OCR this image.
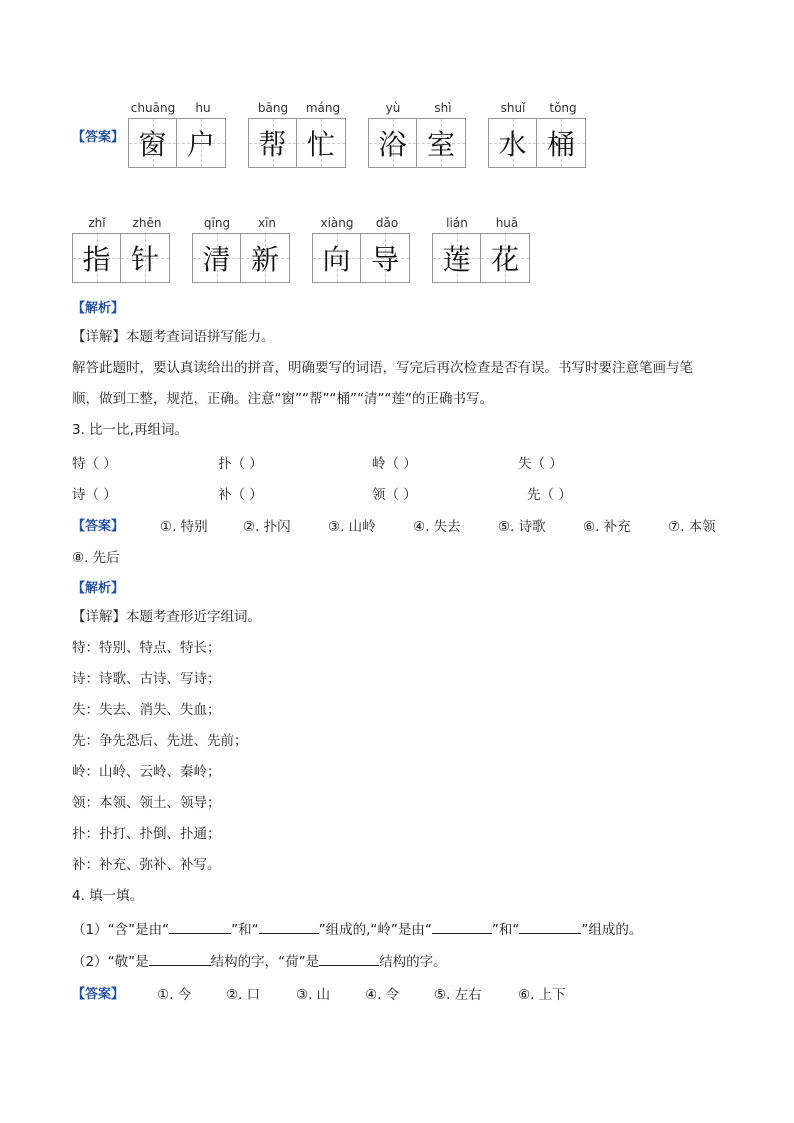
【答案】
chuāng	hu
窗 户
bāng	máng
帮 忙
yù	shì
浴 室
shuǐ	tǒng
水 桶
zhǐ	zhēn
指 针
qīng	xīn
清 新
xiàng	dǎo
向 导
lián	huā
莲 花
【解析】
【详解】本题考查词语拼写能力。
解答此题时，要认真读给出的拼音，明确要写的词语，写完后再次检查是否有误。书写时要注意笔画与笔
顺，做到工整，规范，正确。注意“窗”“帮”“桶”“清”“莲”的正确书写。
3. 比一比,再组词。
特（ ）	扑（ ）	岭（ ）	失（ ）
诗（ ）	补（ ）	领（ ）	先（ ）
【答案】	①. 特别	②. 扑闪	③. 山岭	④. 失去	⑤. 诗歌	⑥. 补充	⑦. 本领
⑧. 先后
【解析】
【详解】本题考查形近字组词。
特：特别、特点、特长；
诗：诗歌、古诗、写诗；
失：失去、消失、失血；
先：争先恐后、先进、先前；
岭：山岭、云岭、秦岭；
领：本领、领土、领导；
扑：扑打、扑倒、扑通；
补：补充、弥补、补写。
4. 填一填。
（1）“含”是由“	”和“	”组成的,“岭”是由“	”和“	”组成的。
（2）“敬”是	结构的字，“荷”是	结构的字。
【答案】 ①. 今	②. 口	③. 山	④. 令	⑤. 左右	⑥. 上下
